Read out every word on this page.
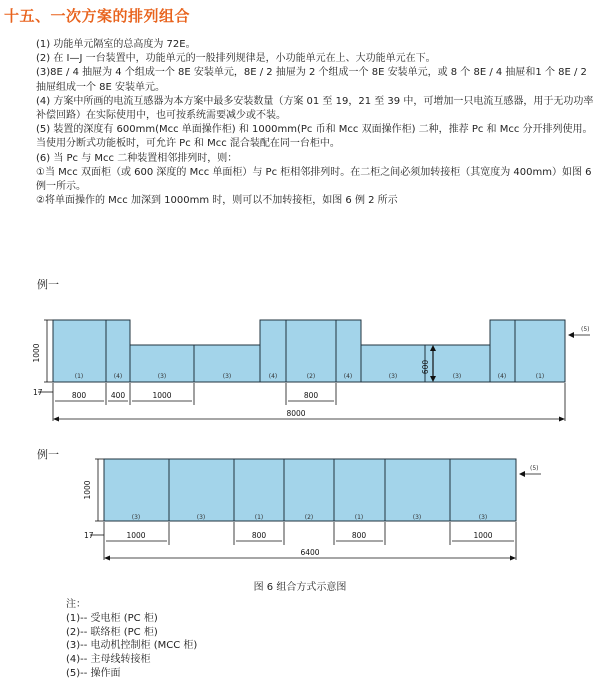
十五、一次方案的排列组合

(1) 功能单元隔室的总高度为 72E。

(2) 在 I—J 一台装置中，功能单元的一般排列规律是，小功能单元在上、大功能单元在下。

(3)8E / 4 抽屉为 4 个组成一个 8E 安装单元，8E / 2 抽屉为 2 个组成一个 8E 安装单元，或 8 个 8E / 4 抽屉和1 个 8E / 2 抽屉组成一个 8E 安装单元。

(4) 方案中所画的电流互感器为本方案中最多安装数量（方案 01 至 19，21 至 39 中，可增加一只电流互感器，用于无功功率补偿回路）在实际使用中，也可按系统需要减少或不装。

(5) 装置的深度有 600mm(Mcc 单面操作柜) 和 1000mm(Pc 币和 Mcc 双面操作柜) 二种，推荐 Pc 和 Mcc 分开排列使用。当使用分断式功能板时，可允许 Pc 和 Mcc 混合装配在同一台柜中。

(6) 当 Pc 与 Mcc 二种装置相邻排列时，则：

①当 Mcc 双面柜（或 600 深度的 Mcc 单面柜）与 Pc 柜相邻排列时。在二柜之间必须加转接柜（其宽度为 400mm）如图 6 例一所示。

②将单面操作的 Mcc 加深到 1000mm 时，则可以不加转接柜，如图 6 例 2 所示

例一
1000
(1)	(4)	(3)	(3)	(4)	(2)	(4)	(3)	(3)	(4)	(1)
600
(5)
17	800	400	1000	800
8000
例一
1000
(3)	(3)	(1)	(2)	(1)	(3)	(3)
(5)
17	1000	800	800	1000
6400
图 6 组合方式示意图

注：

(1)-- 受电柜 (PC 柜)

(2)-- 联络柜 (PC 柜)

(3)-- 电动机控制柜 (MCC 柜)

(4)-- 主母线转接柜

(5)-- 操作面
